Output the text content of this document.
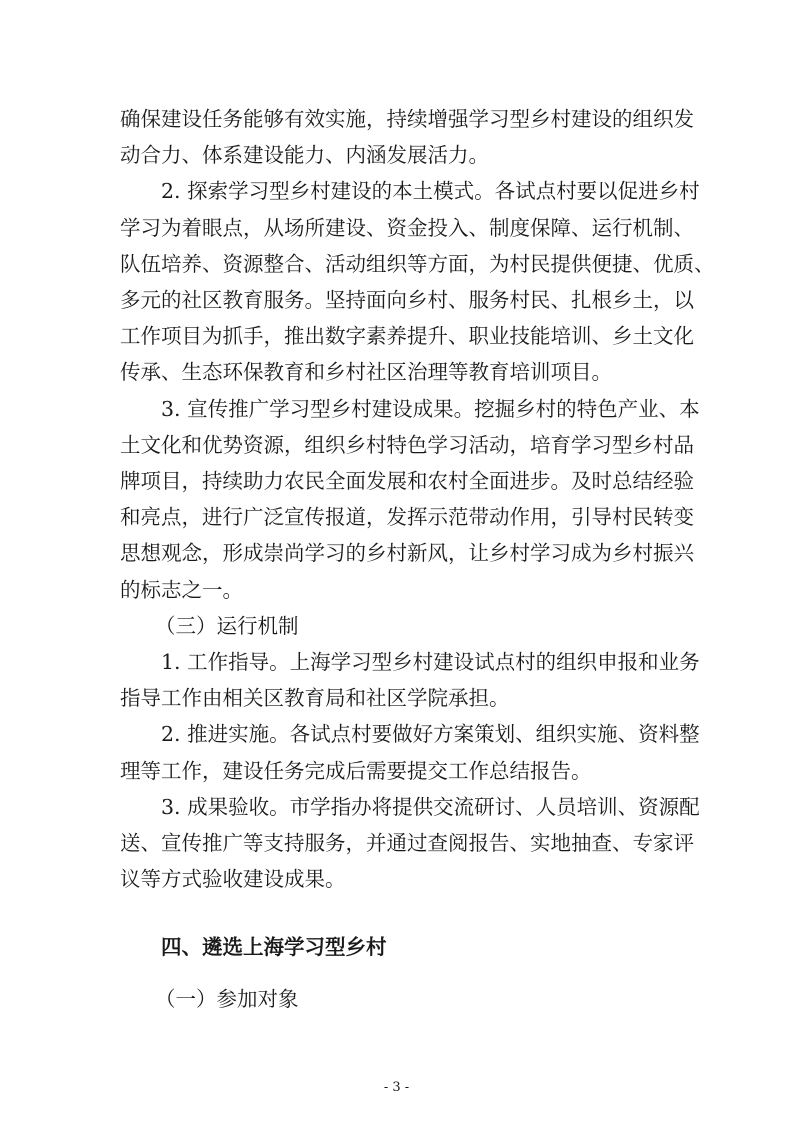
确保建设任务能够有效实施，持续增强学习型乡村建设的组织发
动合力、体系建设能力、内涵发展活力。
2. 探索学习型乡村建设的本土模式。各试点村要以促进乡村
学习为着眼点，从场所建设、资金投入、制度保障、运行机制、
队伍培养、资源整合、活动组织等方面，为村民提供便捷、优质、
多元的社区教育服务。坚持面向乡村、服务村民、扎根乡土，以
工作项目为抓手，推出数字素养提升、职业技能培训、乡土文化
传承、生态环保教育和乡村社区治理等教育培训项目。
3. 宣传推广学习型乡村建设成果。挖掘乡村的特色产业、本
土文化和优势资源，组织乡村特色学习活动，培育学习型乡村品
牌项目，持续助力农民全面发展和农村全面进步。及时总结经验
和亮点，进行广泛宣传报道，发挥示范带动作用，引导村民转变
思想观念，形成崇尚学习的乡村新风，让乡村学习成为乡村振兴
的标志之一。
（三）运行机制
1. 工作指导。上海学习型乡村建设试点村的组织申报和业务
指导工作由相关区教育局和社区学院承担。
2. 推进实施。各试点村要做好方案策划、组织实施、资料整
理等工作，建设任务完成后需要提交工作总结报告。
3. 成果验收。市学指办将提供交流研讨、人员培训、资源配
送、宣传推广等支持服务，并通过查阅报告、实地抽查、专家评
议等方式验收建设成果。
四、遴选上海学习型乡村
- 3 -
（一）参加对象
